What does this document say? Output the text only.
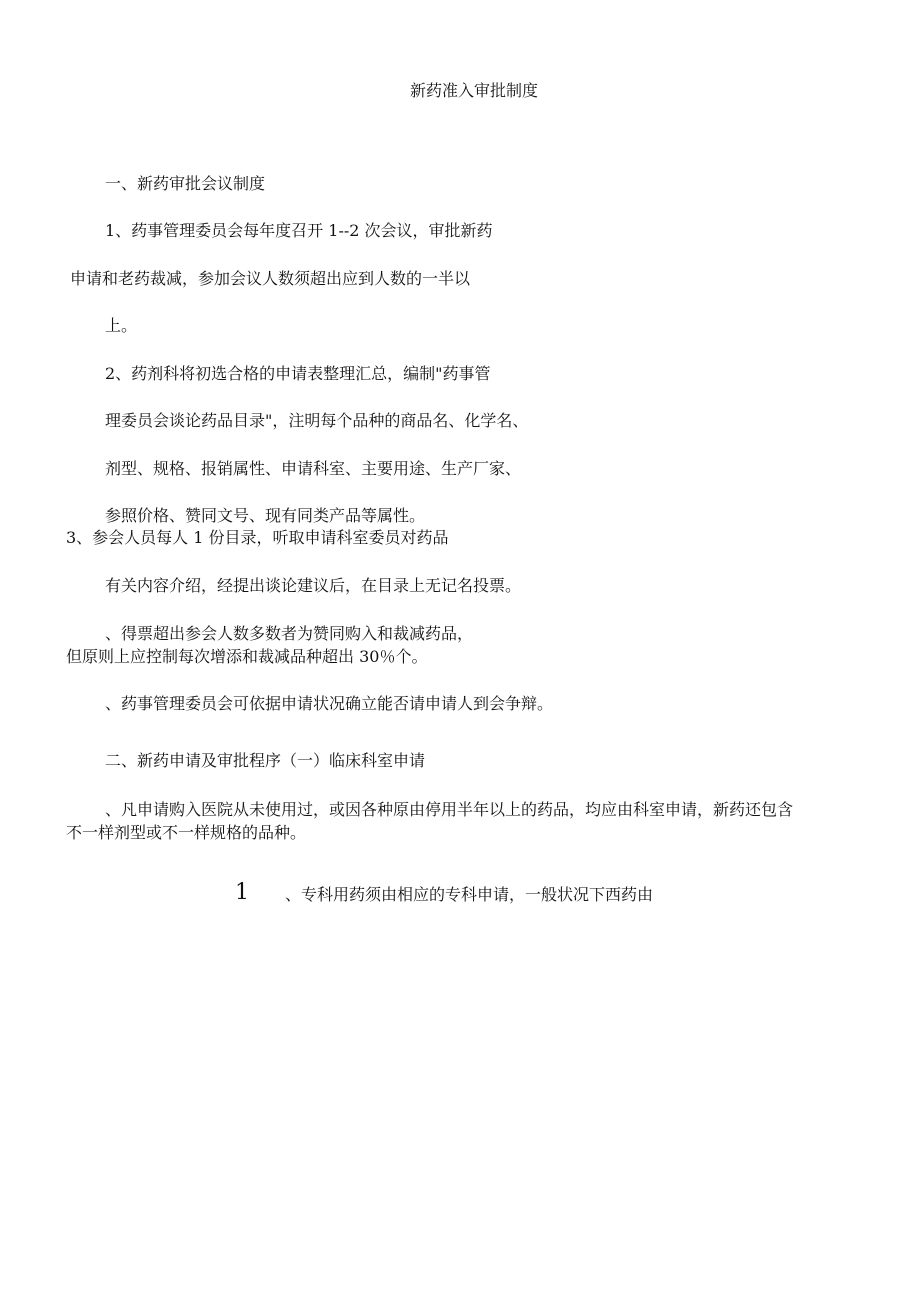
新药准入审批制度

一、新药审批会议制度

1、药事管理委员会每年度召开 1--2 次会议，审批新药

申请和老药裁减，参加会议人数须超出应到人数的一半以

上。

2、药剂科将初选合格的申请表整理汇总，编制"药事管

理委员会谈论药品目录"，注明每个品种的商品名、化学名、

剂型、规格、报销属性、申请科室、主要用途、生产厂家、

参照价格、赞同文号、现有同类产品等属性。

3、参会人员每人 1 份目录，听取申请科室委员对药品

有关内容介绍，经提出谈论建议后，在目录上无记名投票。

、得票超出参会人数多数者为赞同购入和裁减药品，

但原则上应控制每次增添和裁减品种超出 30％个。

、药事管理委员会可依据申请状况确立能否请申请人到会争辩。

二、新药申请及审批程序（一）临床科室申请

、凡申请购入医院从未使用过，或因各种原由停用半年以上的药品，均应由科室申请，新药还包含

不一样剂型或不一样规格的品种。

1 、专科用药须由相应的专科申请，一般状况下西药由
